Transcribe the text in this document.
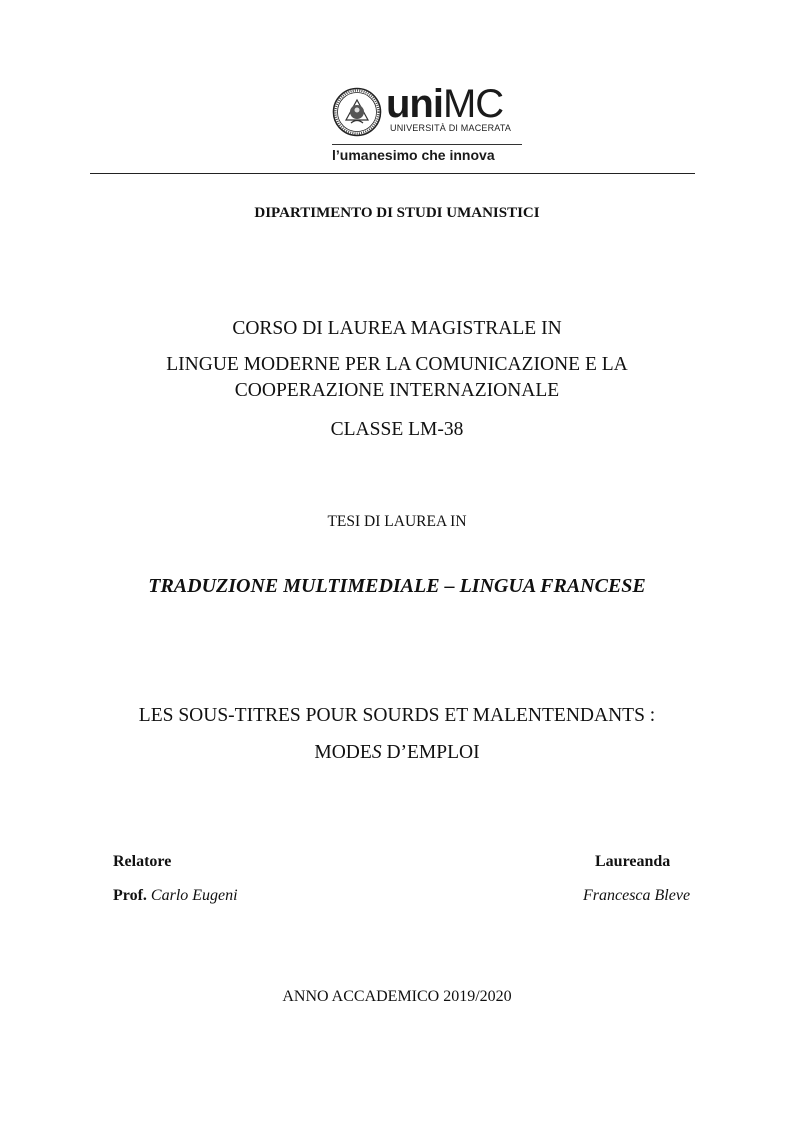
uniMC
UNIVERSITÀ DI MACERATA
l’umanesimo che innova
DIPARTIMENTO DI STUDI UMANISTICI
CORSO DI LAUREA MAGISTRALE IN
LINGUE MODERNE PER LA COMUNICAZIONE E LA
COOPERAZIONE INTERNAZIONALE
CLASSE LM-38
TESI DI LAUREA IN
TRADUZIONE MULTIMEDIALE – LINGUA FRANCESE
LES SOUS-TITRES POUR SOURDS ET MALENTENDANTS :
MODES D’EMPLOI
Relatore	Laureanda
Prof. Carlo Eugeni	Francesca Bleve
ANNO ACCADEMICO 2019/2020
